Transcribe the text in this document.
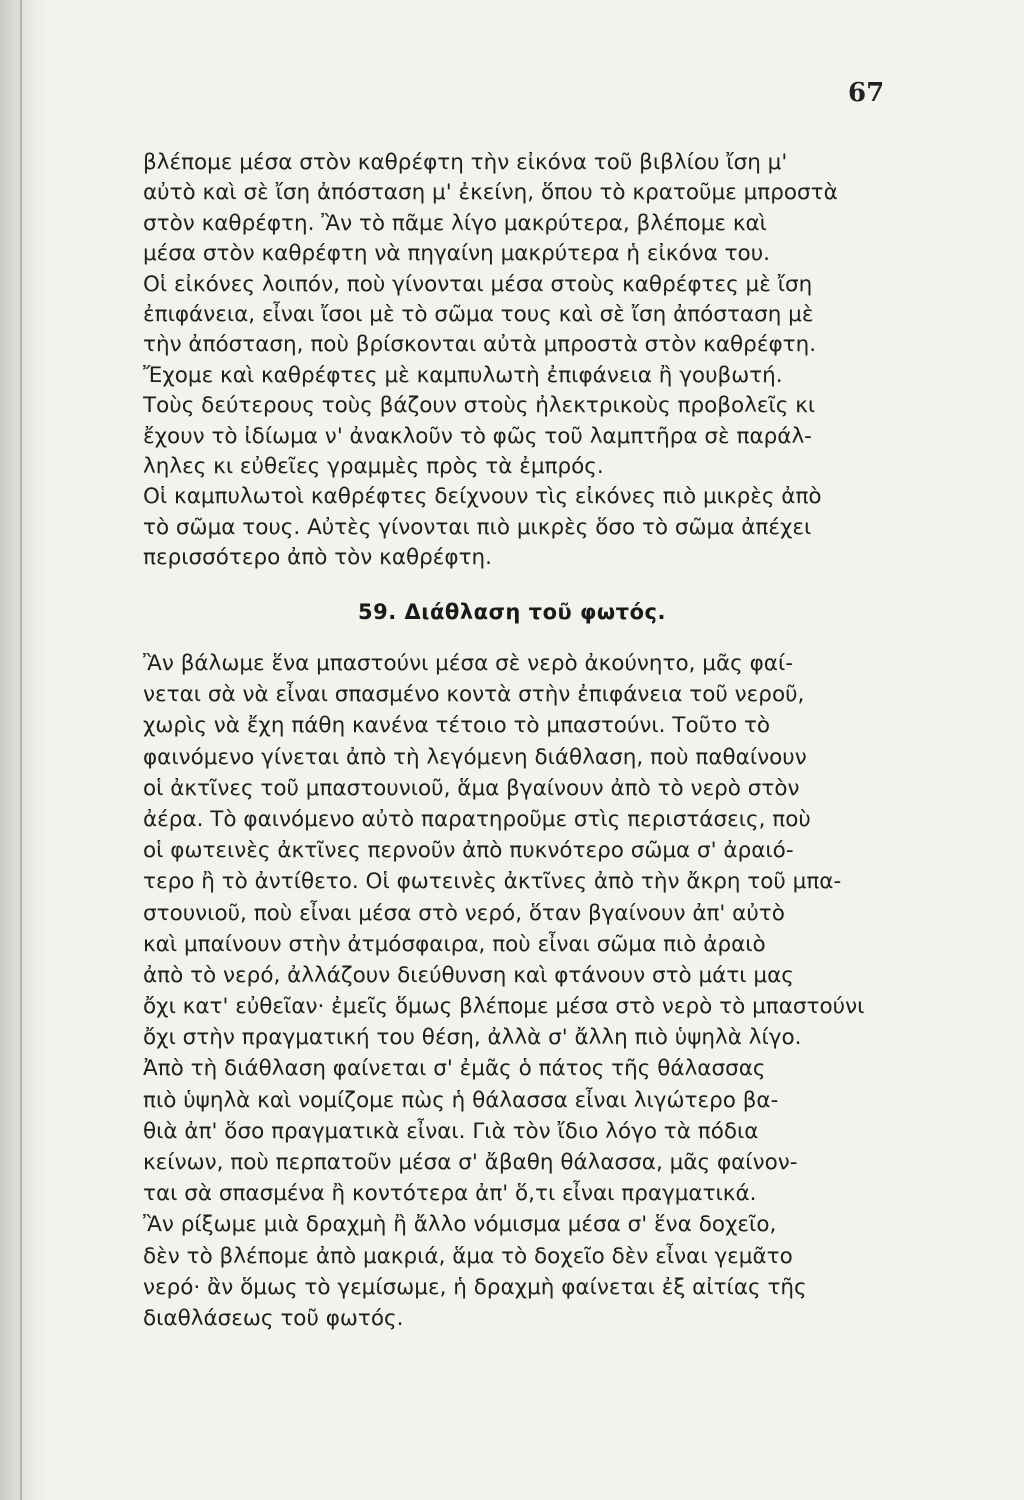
67
βλέπομε μέσα στὸν καθρέφτη τὴν εἰκόνα τοῦ βιβλίου ἴση μ'
αὐτὸ καὶ σὲ ἴση ἀπόσταση μ' ἐκείνη, ὅπου τὸ κρατοῦμε μπροστὰ
στὸν καθρέφτη. Ἂν τὸ πᾶμε λίγο μακρύτερα, βλέπομε καὶ
μέσα στὸν καθρέφτη νὰ πηγαίνη μακρύτερα ἡ εἰκόνα του.
Οἱ εἰκόνες λοιπόν, ποὺ γίνονται μέσα στοὺς καθρέφτες μὲ ἴση
ἐπιφάνεια, εἶναι ἴσοι μὲ τὸ σῶμα τους καὶ σὲ ἴση ἀπόσταση μὲ
τὴν ἀπόσταση, ποὺ βρίσκονται αὐτὰ μπροστὰ στὸν καθρέφτη.
Ἔχομε καὶ καθρέφτες μὲ καμπυλωτὴ ἐπιφάνεια ἢ γουβωτή.
Τοὺς δεύτερους τοὺς βάζουν στοὺς ἠλεκτρικοὺς προβολεῖς κι
ἔχουν τὸ ἰδίωμα ν' ἀνακλοῦν τὸ φῶς τοῦ λαμπτῆρα σὲ παράλ-
ληλες κι εὐθεῖες γραμμὲς πρὸς τὰ ἐμπρός.
Οἱ καμπυλωτοὶ καθρέφτες δείχνουν τὶς εἰκόνες πιὸ μικρὲς ἀπὸ
τὸ σῶμα τους. Αὐτὲς γίνονται πιὸ μικρὲς ὅσο τὸ σῶμα ἀπέχει
περισσότερο ἀπὸ τὸν καθρέφτη.
59. Διάθλαση τοῦ φωτός.
Ἂν βάλωμε ἕνα μπαστούνι μέσα σὲ νερὸ ἀκούνητο, μᾶς φαί-
νεται σὰ νὰ εἶναι σπασμένο κοντὰ στὴν ἐπιφάνεια τοῦ νεροῦ,
χωρὶς νὰ ἔχη πάθη κανένα τέτοιο τὸ μπαστούνι. Τοῦτο τὸ
φαινόμενο γίνεται ἀπὸ τὴ λεγόμενη διάθλαση, ποὺ παθαίνουν
οἱ ἀκτῖνες τοῦ μπαστουνιοῦ, ἅμα βγαίνουν ἀπὸ τὸ νερὸ στὸν
ἀέρα. Τὸ φαινόμενο αὐτὸ παρατηροῦμε στὶς περιστάσεις, ποὺ
οἱ φωτεινὲς ἀκτῖνες περνοῦν ἀπὸ πυκνότερο σῶμα σ' ἀραιό-
τερο ἢ τὸ ἀντίθετο. Οἱ φωτεινὲς ἀκτῖνες ἀπὸ τὴν ἄκρη τοῦ μπα-
στουνιοῦ, ποὺ εἶναι μέσα στὸ νερό, ὅταν βγαίνουν ἀπ' αὐτὸ
καὶ μπαίνουν στὴν ἀτμόσφαιρα, ποὺ εἶναι σῶμα πιὸ ἀραιὸ
ἀπὸ τὸ νερό, ἀλλάζουν διεύθυνση καὶ φτάνουν στὸ μάτι μας
ὄχι κατ' εὐθεῖαν· ἐμεῖς ὅμως βλέπομε μέσα στὸ νερὸ τὸ μπαστούνι
ὄχι στὴν πραγματική του θέση, ἀλλὰ σ' ἄλλη πιὸ ὑψηλὰ λίγο.
Ἀπὸ τὴ διάθλαση φαίνεται σ' ἐμᾶς ὁ πάτος τῆς θάλασσας
πιὸ ὑψηλὰ καὶ νομίζομε πὼς ἡ θάλασσα εἶναι λιγώτερο βα-
θιὰ ἀπ' ὅσο πραγματικὰ εἶναι. Γιὰ τὸν ἴδιο λόγο τὰ πόδια
κείνων, ποὺ περπατοῦν μέσα σ' ἄβαθη θάλασσα, μᾶς φαίνον-
ται σὰ σπασμένα ἢ κοντότερα ἀπ' ὅ,τι εἶναι πραγματικά.
Ἂν ρίξωμε μιὰ δραχμὴ ἢ ἄλλο νόμισμα μέσα σ' ἕνα δοχεῖο,
δὲν τὸ βλέπομε ἀπὸ μακριά, ἅμα τὸ δοχεῖο δὲν εἶναι γεμᾶτο
νερό· ἂν ὅμως τὸ γεμίσωμε, ἡ δραχμὴ φαίνεται ἐξ αἰτίας τῆς
διαθλάσεως τοῦ φωτός.
